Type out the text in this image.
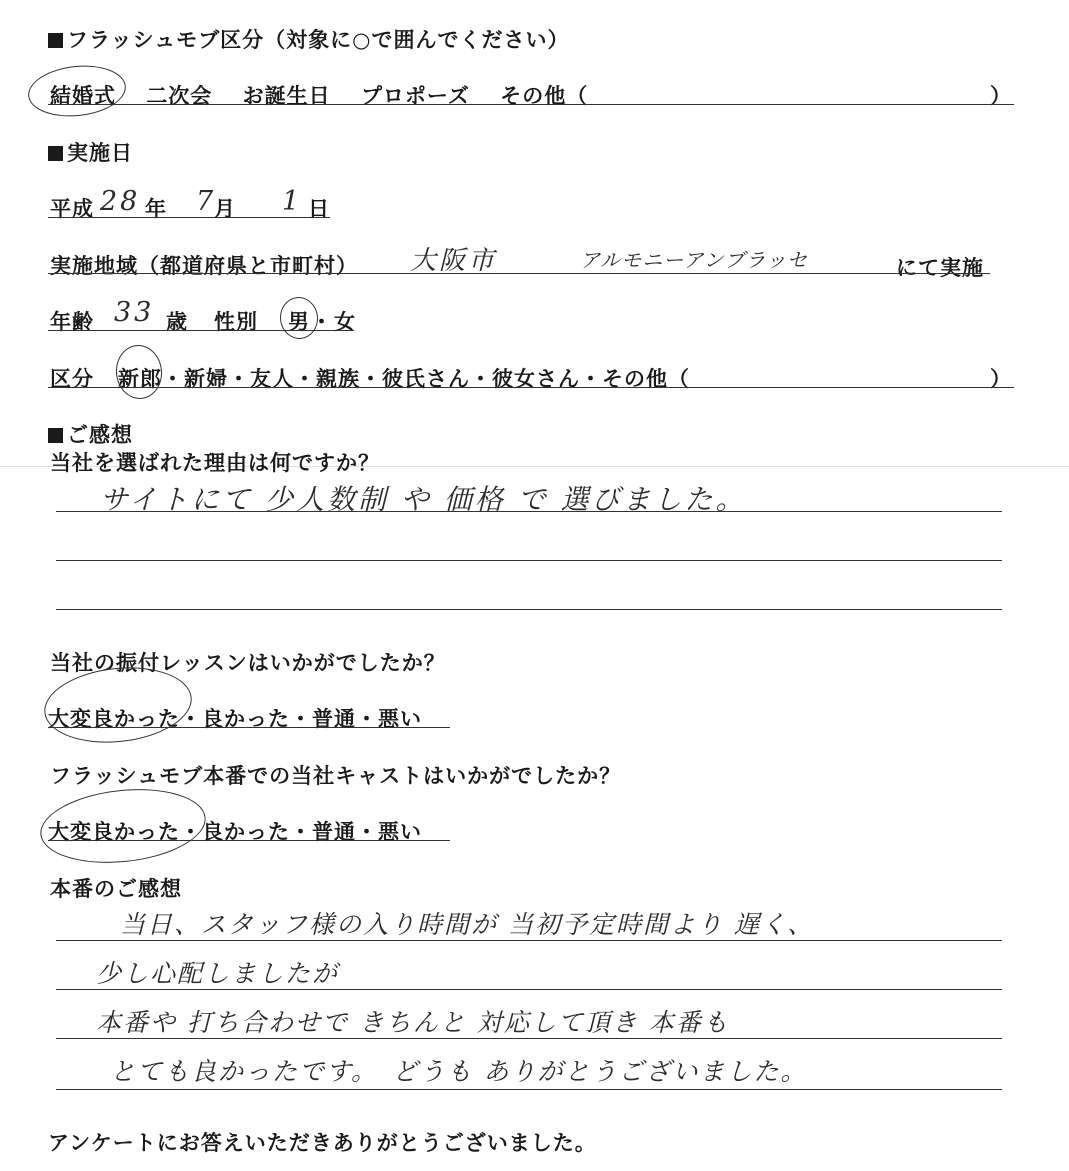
フラッシュモブ区分（対象に○で囲んでください）
結婚式 二次会 お誕生日 プロポーズ その他（	）
実施日
平成 28 年 7
月 1 日
実施地域（都道府県と市町村） 大阪市	アルモニーアンブラッセ	にて実施
年齢 33 歳 性別 男 ・ 女
区分 新郎・新婦・友人・親族・彼氏さん・彼女さん・その他（	）
ご感想
当社を選ばれた理由は何ですか？
サイトにて 少人数制 や 価格 で 選びました。
当社の振付レッスンはいかがでしたか？
大変良かった・良かった・普通・悪い
フラッシュモブ本番での当社キャストはいかがでしたか？
大変良かった・良かった・普通・悪い
本番のご感想
当日、スタッフ様の入り時間が 当初予定時間より 遅く、
少し心配しましたが
本番や 打ち合わせで きちんと 対応して頂き 本番も
とても良かったです。　どうも ありがとうございました。
アンケートにお答えいただきありがとうございました。
